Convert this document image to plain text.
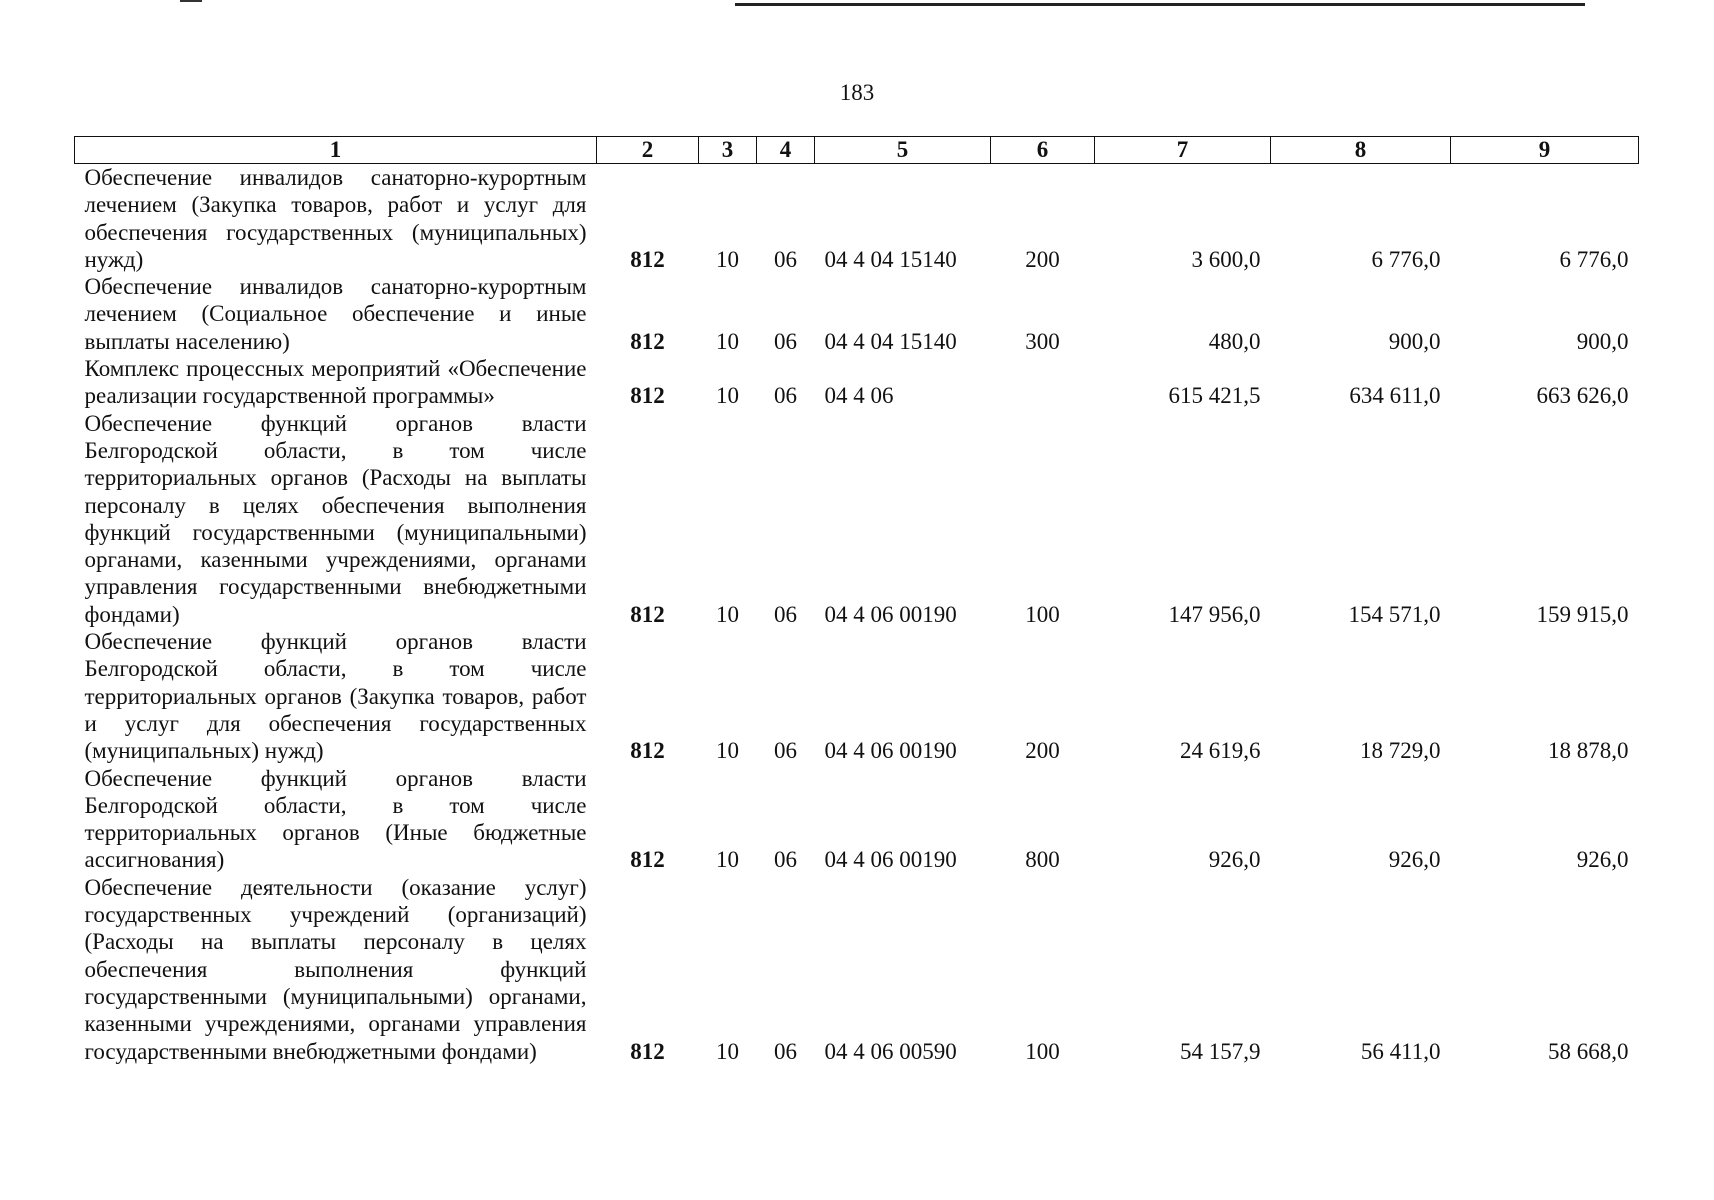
183
1	2	3	4	5	6	7	8	9
Обеспечение инвалидов санаторно-курортным лечением (Закупка товаров, работ и услуг для обеспечения государственных (муниципальных) нужд)	812	10	06	04 4 04 15140	200	3 600,0	6 776,0	6 776,0
Обеспечение инвалидов санаторно-курортным лечением (Социальное обеспечение и иные выплаты населению)	812	10	06	04 4 04 15140	300	480,0	900,0	900,0
Комплекс процессных мероприятий «Обеспечение реализации государственной программы»	812	10	06	04 4 06		615 421,5	634 611,0	663 626,0
Обеспечение функций органов власти Белгородской области, в том числе территориальных органов (Расходы на выплаты персоналу в целях обеспечения выполнения функций государственными (муниципальными) органами, казенными учреждениями, органами управления государственными внебюджетными фондами)	812	10	06	04 4 06 00190	100	147 956,0	154 571,0	159 915,0
Обеспечение функций органов власти Белгородской области, в том числе территориальных органов (Закупка товаров, работ и услуг для обеспечения государственных (муниципальных) нужд)	812	10	06	04 4 06 00190	200	24 619,6	18 729,0	18 878,0
Обеспечение функций органов власти Белгородской области, в том числе территориальных органов (Иные бюджетные ассигнования)	812	10	06	04 4 06 00190	800	926,0	926,0	926,0
Обеспечение деятельности (оказание услуг) государственных учреждений (организаций) (Расходы на выплаты персоналу в целях обеспечения выполнения функций государственными (муниципальными) органами, казенными учреждениями, органами управления государственными внебюджетными фондами)	812	10	06	04 4 06 00590	100	54 157,9	56 411,0	58 668,0
